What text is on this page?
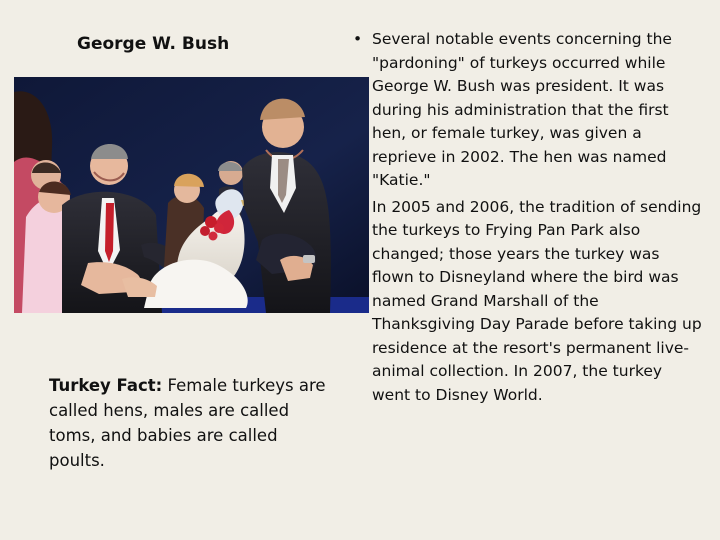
George W. Bush
Turkey Fact: Female turkeys are called hens, males are called toms, and babies are called poults.

• Several notable events concerning the "pardoning" of turkeys occurred while George W. Bush was president. It was during his administration that the first hen, or female turkey, was given a reprieve in 2002. The hen was named "Katie."

In 2005 and 2006, the tradition of sending the turkeys to Frying Pan Park also changed; those years the turkey was flown to Disneyland where the bird was named Grand Marshall of the Thanksgiving Day Parade before taking up residence at the resort's permanent live-animal collection. In 2007, the turkey went to Disney World.
